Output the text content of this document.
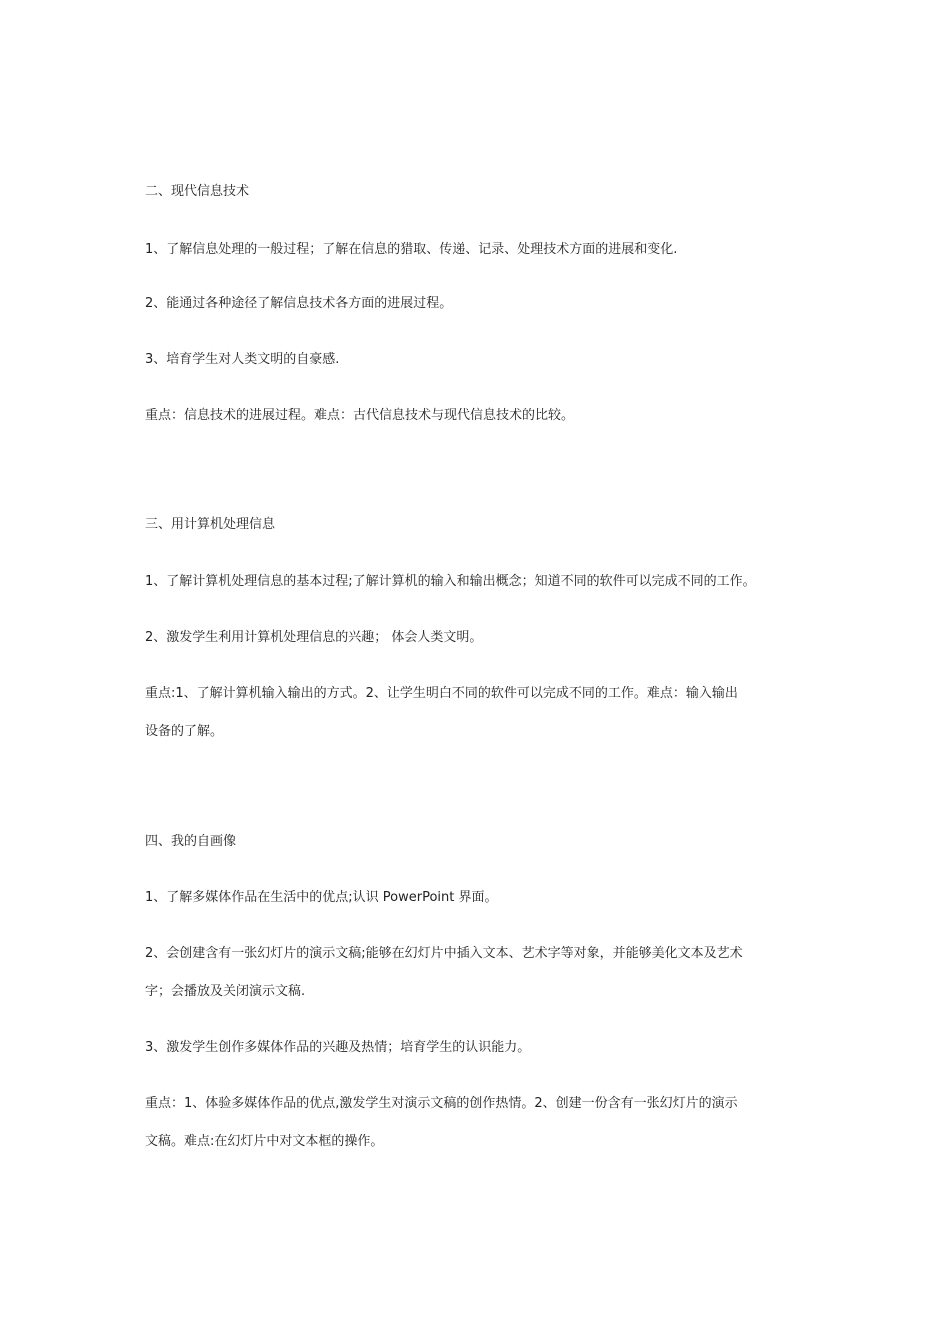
二、现代信息技术

1、了解信息处理的一般过程；了解在信息的猎取、传递、记录、处理技术方面的进展和变化.

2、能通过各种途径了解信息技术各方面的进展过程。

3、培育学生对人类文明的自豪感.

重点：信息技术的进展过程。难点：古代信息技术与现代信息技术的比较。

三、用计算机处理信息

1、了解计算机处理信息的基本过程;了解计算机的输入和输出概念；知道不同的软件可以完成不同的工作。

2、激发学生利用计算机处理信息的兴趣； 体会人类文明。

重点:1、了解计算机输入输出的方式。2、让学生明白不同的软件可以完成不同的工作。难点：输入输出

设备的了解。

四、我的自画像

1、了解多媒体作品在生活中的优点;认识 PowerPoint 界面。

2、会创建含有一张幻灯片的演示文稿;能够在幻灯片中插入文本、艺术字等对象，并能够美化文本及艺术

字；会播放及关闭演示文稿.

3、激发学生创作多媒体作品的兴趣及热情；培育学生的认识能力。

重点：1、体验多媒体作品的优点,激发学生对演示文稿的创作热情。2、创建一份含有一张幻灯片的演示

文稿。难点:在幻灯片中对文本框的操作。
